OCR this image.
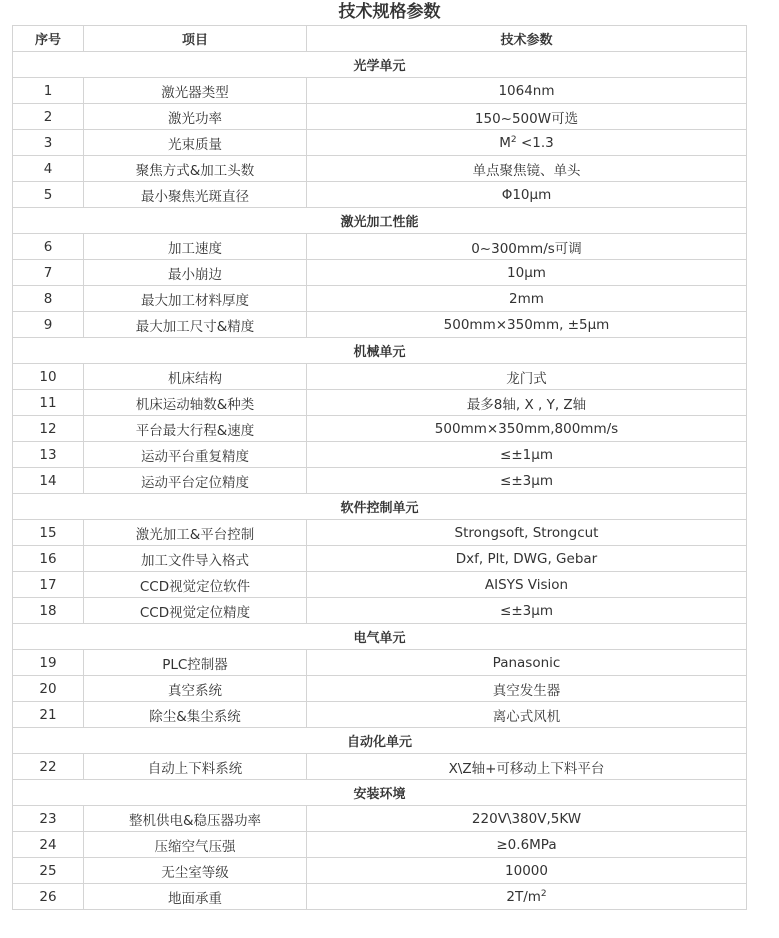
技术规格参数
序号	项目	技术参数
光学单元		
1	激光器类型	1064nm
2	激光功率	150~500W可选
3	光束质量	$M^2 <1.3$
4	聚焦方式&加工头数	单点聚焦镜、单头
5	最小聚焦光斑直径	Φ10μm
激光加工性能		
6	加工速度	0~300mm/s可调
7	最小崩边	10μm
8	最大加工材料厚度	2mm
9	最大加工尺寸&精度	500mm×350mm, ±5μm
机械单元		
10	机床结构	龙门式
11	机床运动轴数&种类	最多8轴, X , Y, Z轴
12	平台最大行程&速度	500mm×350mm,800mm/s
13	运动平台重复精度	≤±1μm
14	运动平台定位精度	≤±3μm
软件控制单元		
15	激光加工&平台控制	Strongsoft, Strongcut
16	加工文件导入格式	Dxf, Plt, DWG, Gebar
17	CCD视觉定位软件	AISYS Vision
18	CCD视觉定位精度	≤±3μm
电气单元		
19	PLC控制器	Panasonic
20	真空系统	真空发生器
21	除尘&集尘系统	离心式风机
自动化单元		
22	自动上下料系统	X\Z轴+可移动上下料平台
安装环境		
23	整机供电&稳压器功率	220V\380V,5KW
24	压缩空气压强	≥0.6MPa
25	无尘室等级	10000
26	地面承重	$2T/m^2$
